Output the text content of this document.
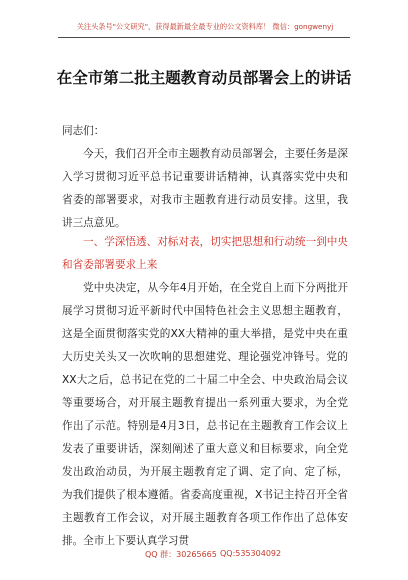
关注头条号"公文研究"，获得最新最全最专业的公文资料库！ 微信：gongwenyj
在全市第二批主题教育动员部署会上的讲话

同志们：

今天，我们召开全市主题教育动员部署会，主要任务是深入学习贯彻习近平总书记重要讲话精神，认真落实党中央和省委的部署要求，对我市主题教育进行动员安排。这里，我讲三点意见。

一、学深悟透、对标对表，切实把思想和行动统一到中央和省委部署要求上来

党中央决定，从今年4月开始，在全党自上而下分两批开展学习贯彻习近平新时代中国特色社会主义思想主题教育，这是全面贯彻落实党的XX大精神的重大举措，是党中央在重大历史关头又一次吹响的思想建党、理论强党冲锋号。党的XX大之后，总书记在党的二十届二中全会、中央政治局会议等重要场合，对开展主题教育提出一系列重大要求，为全党作出了示范。特别是4月3日，总书记在主题教育工作会议上发表了重要讲话，深刻阐述了重大意义和目标要求，向全党发出政治动员，为开展主题教育定了调、定了向、定了标，为我们提供了根本遵循。省委高度重视，X书记主持召开全省主题教育工作会议，对开展主题教育各项工作作出了总体安排。全市上下要认真学习贯

QQ 群：30265665 QQ:535304092
